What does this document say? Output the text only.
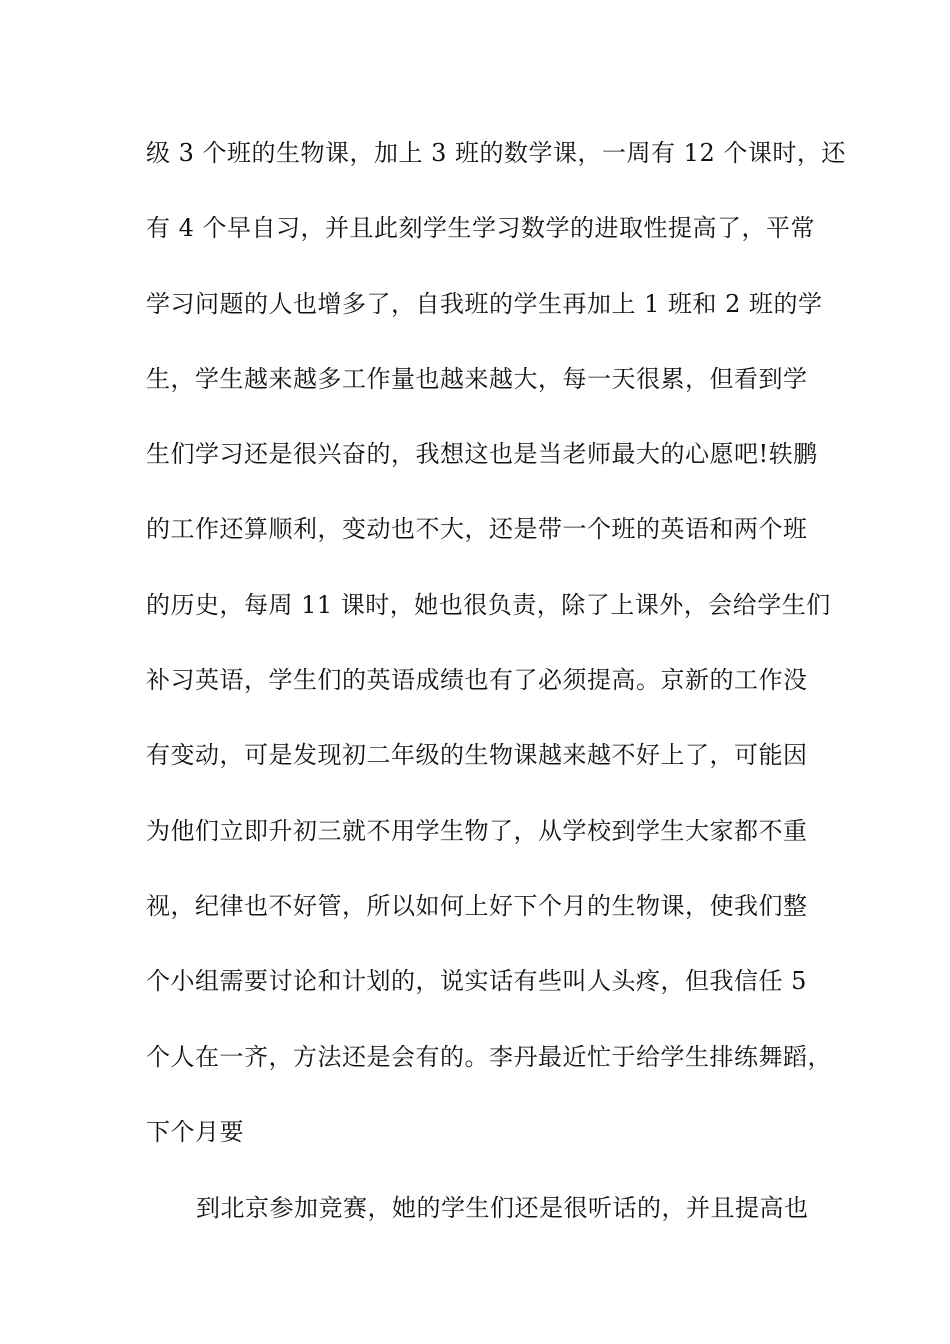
级 3 个班的生物课，加上 3 班的数学课，一周有 12 个课时，还
有 4 个早自习，并且此刻学生学习数学的进取性提高了，平常
学习问题的人也增多了，自我班的学生再加上 1 班和 2 班的学
生，学生越来越多工作量也越来越大，每一天很累，但看到学
生们学习还是很兴奋的，我想这也是当老师最大的心愿吧!轶鹏
的工作还算顺利，变动也不大，还是带一个班的英语和两个班
的历史，每周 11 课时，她也很负责，除了上课外，会给学生们
补习英语，学生们的英语成绩也有了必须提高。京新的工作没
有变动，可是发现初二年级的生物课越来越不好上了，可能因
为他们立即升初三就不用学生物了，从学校到学生大家都不重
视，纪律也不好管，所以如何上好下个月的生物课，使我们整
个小组需要讨论和计划的，说实话有些叫人头疼，但我信任 5
个人在一齐，方法还是会有的。李丹最近忙于给学生排练舞蹈，
下个月要
到北京参加竞赛，她的学生们还是很听话的，并且提高也
